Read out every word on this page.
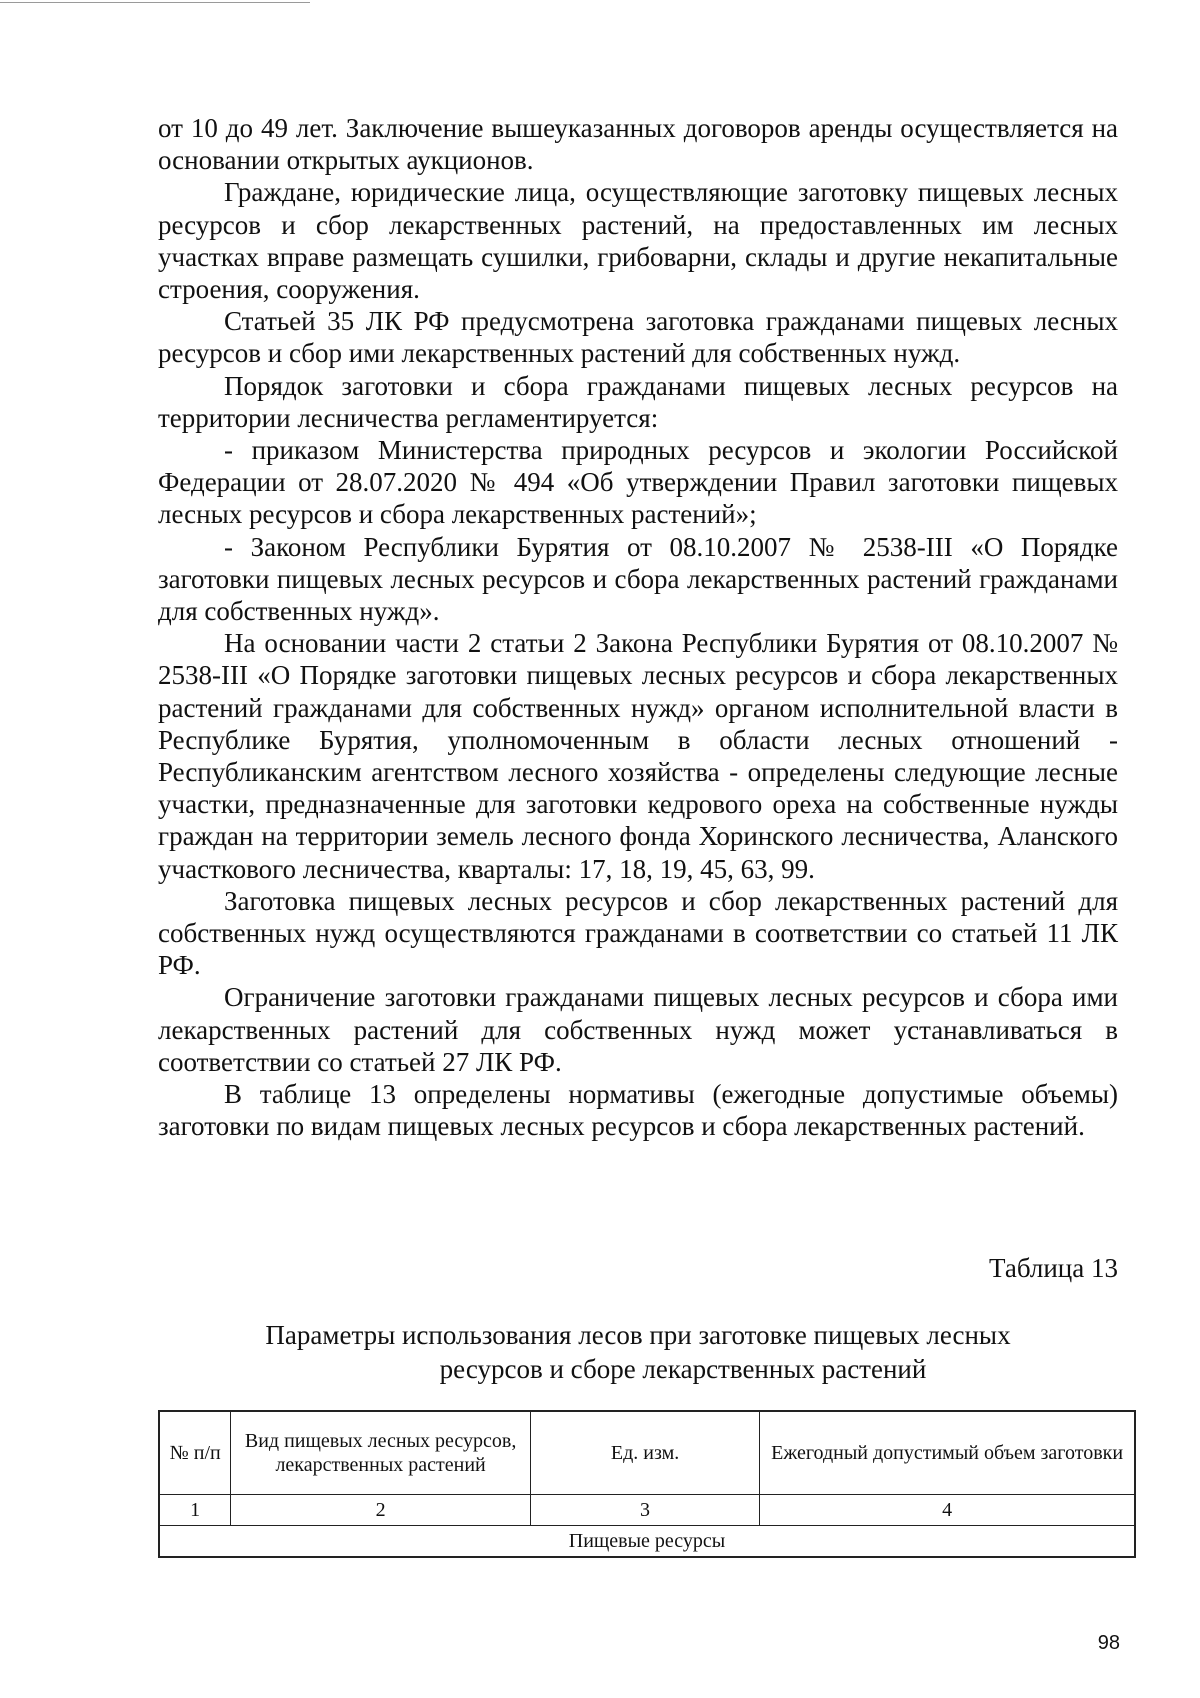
от 10 до 49 лет. Заключение вышеуказанных договоров аренды осуществляется на основании открытых аукционов.

Граждане, юридические лица, осуществляющие заготовку пищевых лесных ресурсов и сбор лекарственных растений, на предоставленных им лесных участках вправе размещать сушилки, грибоварни, склады и другие некапитальные строения, сооружения.

Статьей 35 ЛК РФ предусмотрена заготовка гражданами пищевых лесных ресурсов и сбор ими лекарственных растений для собственных нужд.

Порядок заготовки и сбора гражданами пищевых лесных ресурсов на территории лесничества регламентируется:

- приказом Министерства природных ресурсов и экологии Российской Федерации от 28.07.2020 № 494 «Об утверждении Правил заготовки пищевых лесных ресурсов и сбора лекарственных растений»;

- Законом Республики Бурятия от 08.10.2007 № 2538-III «О Порядке заготовки пищевых лесных ресурсов и сбора лекарственных растений гражданами для собственных нужд».

На основании части 2 статьи 2 Закона Республики Бурятия от 08.10.2007 № 2538-III «О Порядке заготовки пищевых лесных ресурсов и сбора лекарственных растений гражданами для собственных нужд» органом исполнительной власти в Республике Бурятия, уполномоченным в области лесных отношений - Республиканским агентством лесного хозяйства - определены следующие лесные участки, предназначенные для заготовки кедрового ореха на собственные нужды граждан на территории земель лесного фонда Хоринского лесничества, Аланского участкового лесничества, кварталы: 17, 18, 19, 45, 63, 99.

Заготовка пищевых лесных ресурсов и сбор лекарственных растений для собственных нужд осуществляются гражданами в соответствии со статьей 11 ЛК РФ.

Ограничение заготовки гражданами пищевых лесных ресурсов и сбора ими лекарственных растений для собственных нужд может устанавливаться в соответствии со статьей 27 ЛК РФ.

В таблице 13 определены нормативы (ежегодные допустимые объемы) заготовки по видам пищевых лесных ресурсов и сбора лекарственных растений.

Таблица 13
Параметры использования лесов при заготовке пищевых лесных
ресурсов и сборе лекарственных растений
№ п/п	Вид пищевых лесных ресурсов, лекарственных растений	Ед. изм.	Ежегодный допустимый объем заготовки
1	2	3	4
Пищевые ресурсы			
98
